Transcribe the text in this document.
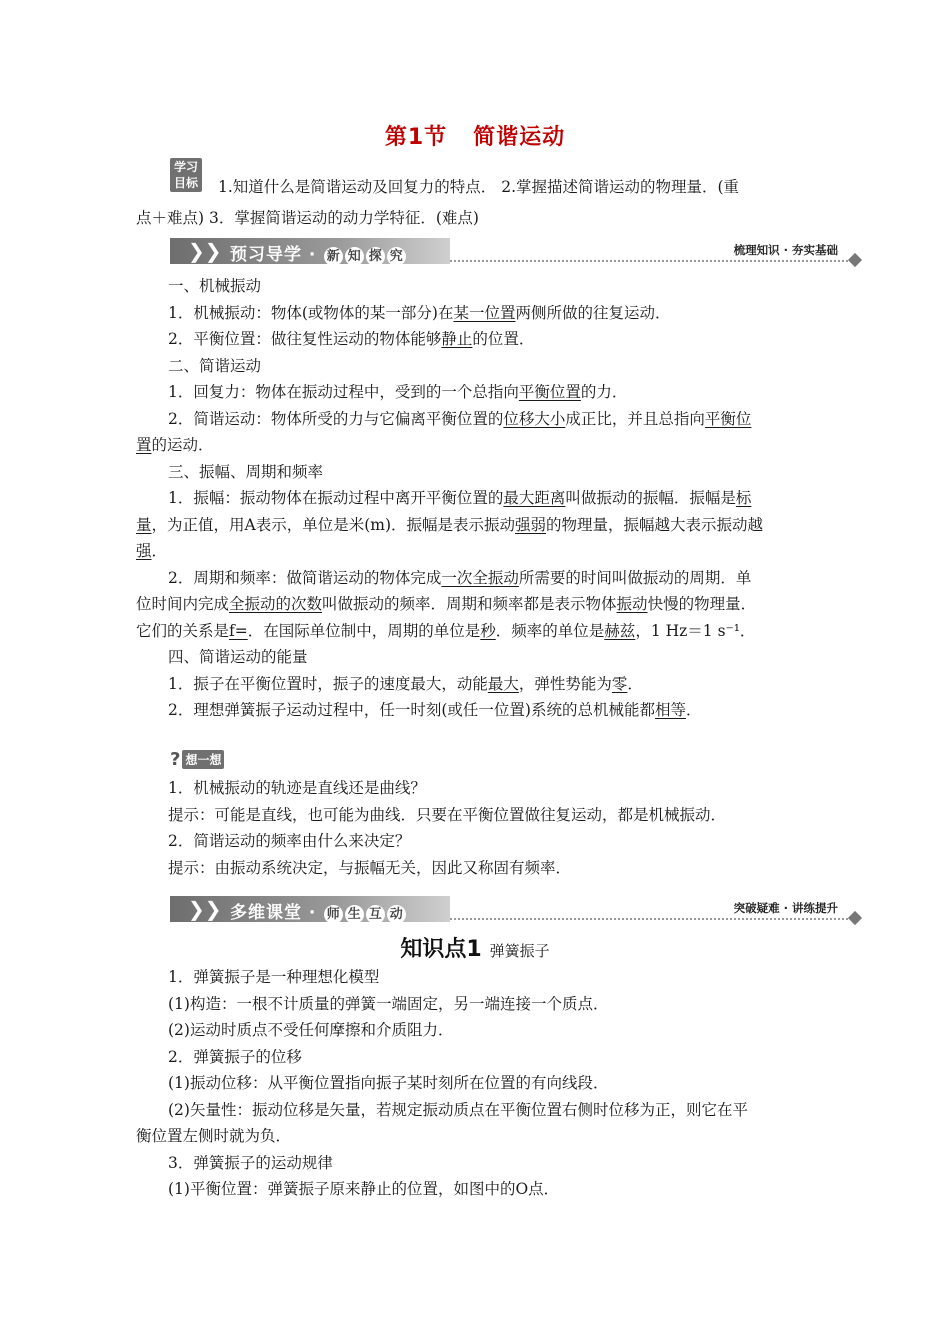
第1节 简谐运动
学习
目标	1.知道什么是简谐运动及回复力的特点． 2.掌握描述简谐运动的物理量．(重
点＋难点) 3．掌握简谐运动的动力学特征．(难点)
❯❯ 预习导学 · 新 知 探 究	梳理知识 · 夯实基础

一、机械振动

1．机械振动：物体(或物体的某一部分)在某一位置两侧所做的往复运动．

2．平衡位置：做往复性运动的物体能够静止的位置．

二、简谐运动

1．回复力：物体在振动过程中，受到的一个总指向平衡位置的力．

2．简谐运动：物体所受的力与它偏离平衡位置的位移大小成正比，并且总指向平衡位

置的运动．

三、振幅、周期和频率

1．振幅：振动物体在振动过程中离开平衡位置的最大距离叫做振动的振幅．振幅是标

量，为正值，用A表示，单位是米(m)．振幅是表示振动强弱的物理量，振幅越大表示振动越

强．

2．周期和频率：做简谐运动的物体完成一次全振动所需要的时间叫做振动的周期．单

位时间内完成全振动的次数叫做振动的频率．周期和频率都是表示物体振动快慢的物理量．

它们的关系是f=．在国际单位制中，周期的单位是秒．频率的单位是赫兹，1 Hz＝1 s⁻¹．

四、简谐运动的能量

1．振子在平衡位置时，振子的速度最大，动能最大，弹性势能为零．

2．理想弹簧振子运动过程中，任一时刻(或任一位置)系统的总机械能都相等．

? 想一想

1．机械振动的轨迹是直线还是曲线？

提示：可能是直线，也可能为曲线．只要在平衡位置做往复运动，都是机械振动．

2．简谐运动的频率由什么来决定？

提示：由振动系统决定，与振幅无关，因此又称固有频率．

❯❯ 多维课堂 · 师 生 互 动	突破疑难 · 讲练提升
知识点1 弹簧振子

1．弹簧振子是一种理想化模型

(1)构造：一根不计质量的弹簧一端固定，另一端连接一个质点．

(2)运动时质点不受任何摩擦和介质阻力．

2．弹簧振子的位移

(1)振动位移：从平衡位置指向振子某时刻所在位置的有向线段．

(2)矢量性：振动位移是矢量，若规定振动质点在平衡位置右侧时位移为正，则它在平

衡位置左侧时就为负．

3．弹簧振子的运动规律

(1)平衡位置：弹簧振子原来静止的位置，如图中的O点．
